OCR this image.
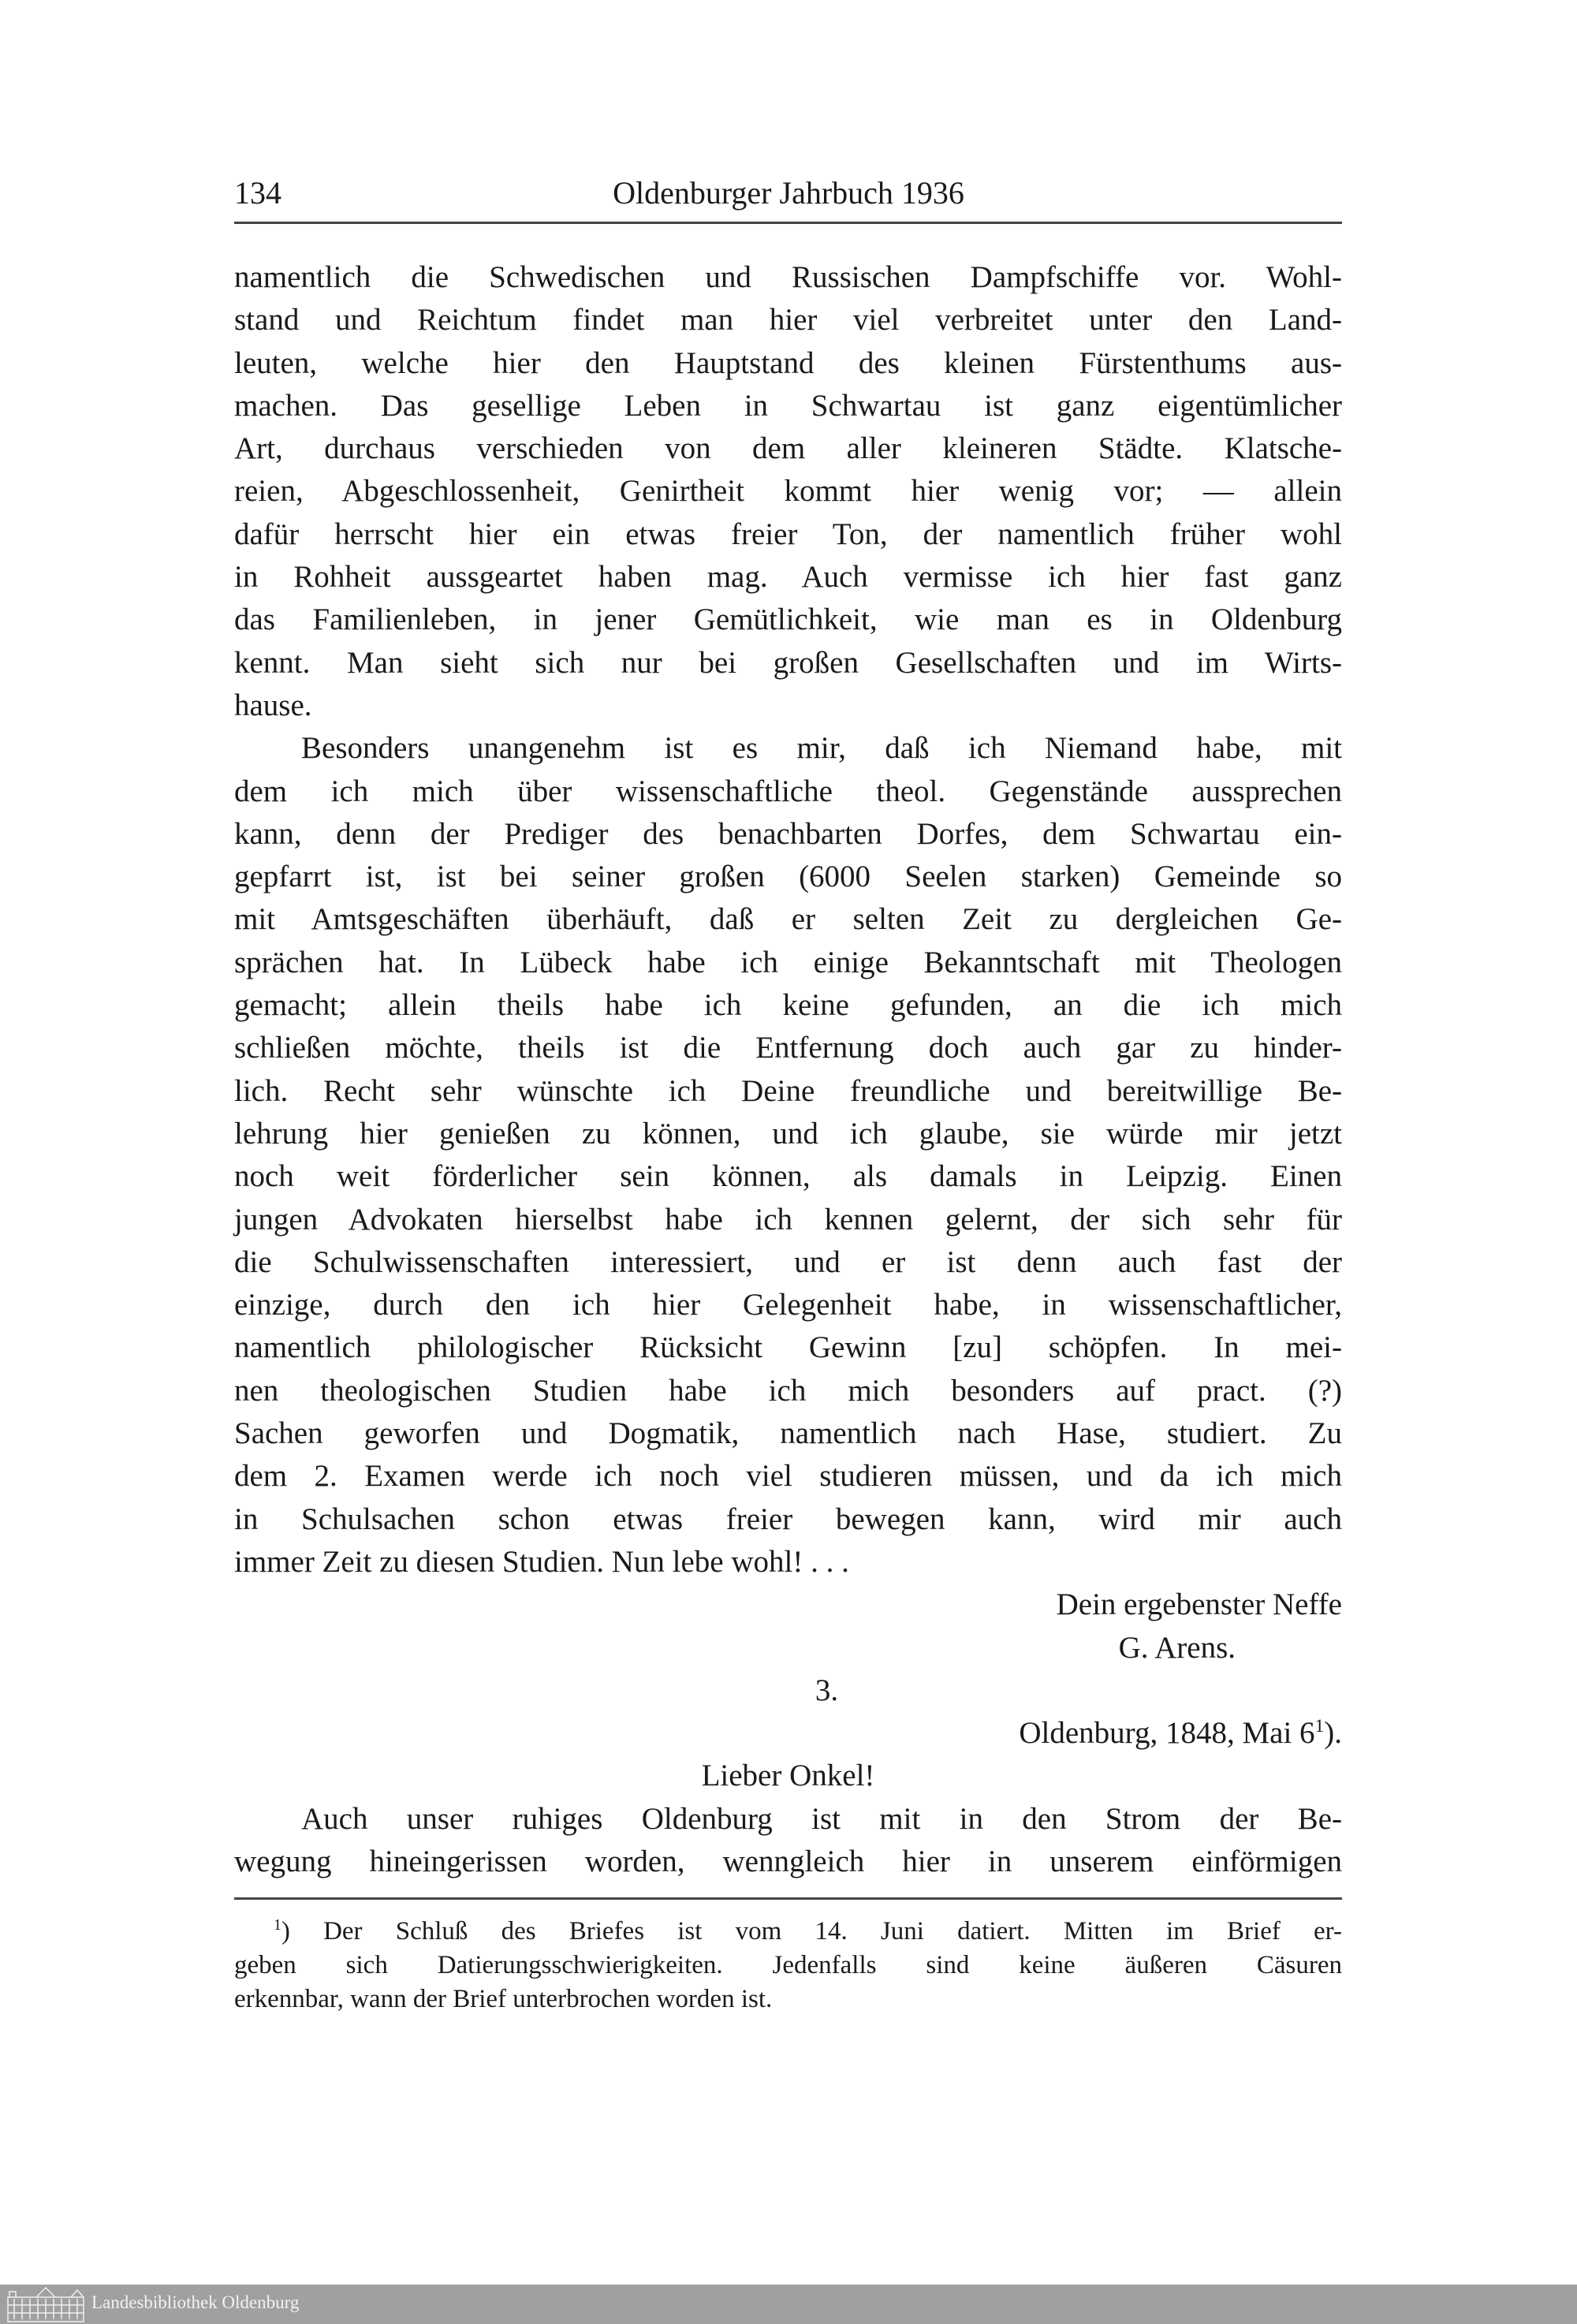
134	Oldenburger Jahrbuch 1936
namentlich die Schwedischen und Russischen Dampfschiffe vor. Wohl-
stand und Reichtum findet man hier viel verbreitet unter den Land-
leuten, welche hier den Hauptstand des kleinen Fürstenthums aus-
machen. Das gesellige Leben in Schwartau ist ganz eigentümlicher
Art, durchaus verschieden von dem aller kleineren Städte. Klatsche-
reien, Abgeschlossenheit, Genirtheit kommt hier wenig vor; — allein
dafür herrscht hier ein etwas freier Ton, der namentlich früher wohl
in Rohheit aussgeartet haben mag. Auch vermisse ich hier fast ganz
das Familienleben, in jener Gemütlichkeit, wie man es in Oldenburg
kennt. Man sieht sich nur bei großen Gesellschaften und im Wirts-
hause.
Besonders unangenehm ist es mir, daß ich Niemand habe, mit
dem ich mich über wissenschaftliche theol. Gegenstände aussprechen
kann, denn der Prediger des benachbarten Dorfes, dem Schwartau ein-
gepfarrt ist, ist bei seiner großen (6000 Seelen starken) Gemeinde so
mit Amtsgeschäften überhäuft, daß er selten Zeit zu dergleichen Ge-
sprächen hat. In Lübeck habe ich einige Bekanntschaft mit Theologen
gemacht; allein theils habe ich keine gefunden, an die ich mich
schließen möchte, theils ist die Entfernung doch auch gar zu hinder-
lich. Recht sehr wünschte ich Deine freundliche und bereitwillige Be-
lehrung hier genießen zu können, und ich glaube, sie würde mir jetzt
noch weit förderlicher sein können, als damals in Leipzig. Einen
jungen Advokaten hierselbst habe ich kennen gelernt, der sich sehr für
die Schulwissenschaften interessiert, und er ist denn auch fast der
einzige, durch den ich hier Gelegenheit habe, in wissenschaftlicher,
namentlich philologischer Rücksicht Gewinn [zu] schöpfen. In mei-
nen theologischen Studien habe ich mich besonders auf pract. (?)
Sachen geworfen und Dogmatik, namentlich nach Hase, studiert. Zu
dem 2. Examen werde ich noch viel studieren müssen, und da ich mich
in Schulsachen schon etwas freier bewegen kann, wird mir auch
immer Zeit zu diesen Studien. Nun lebe wohl! . . .
Dein ergebenster Neffe
G. Arens.
3.
Oldenburg, 1848, Mai $6^1$).
Lieber Onkel!
Auch unser ruhiges Oldenburg ist mit in den Strom der Be-
wegung hineingerissen worden, wenngleich hier in unserem einförmigen
$^1$) Der Schluß des Briefes ist vom 14. Juni datiert. Mitten im Brief er-
geben sich Datierungsschwierigkeiten. Jedenfalls sind keine äußeren Cäsuren
erkennbar, wann der Brief unterbrochen worden ist.
Landesbibliothek Oldenburg
